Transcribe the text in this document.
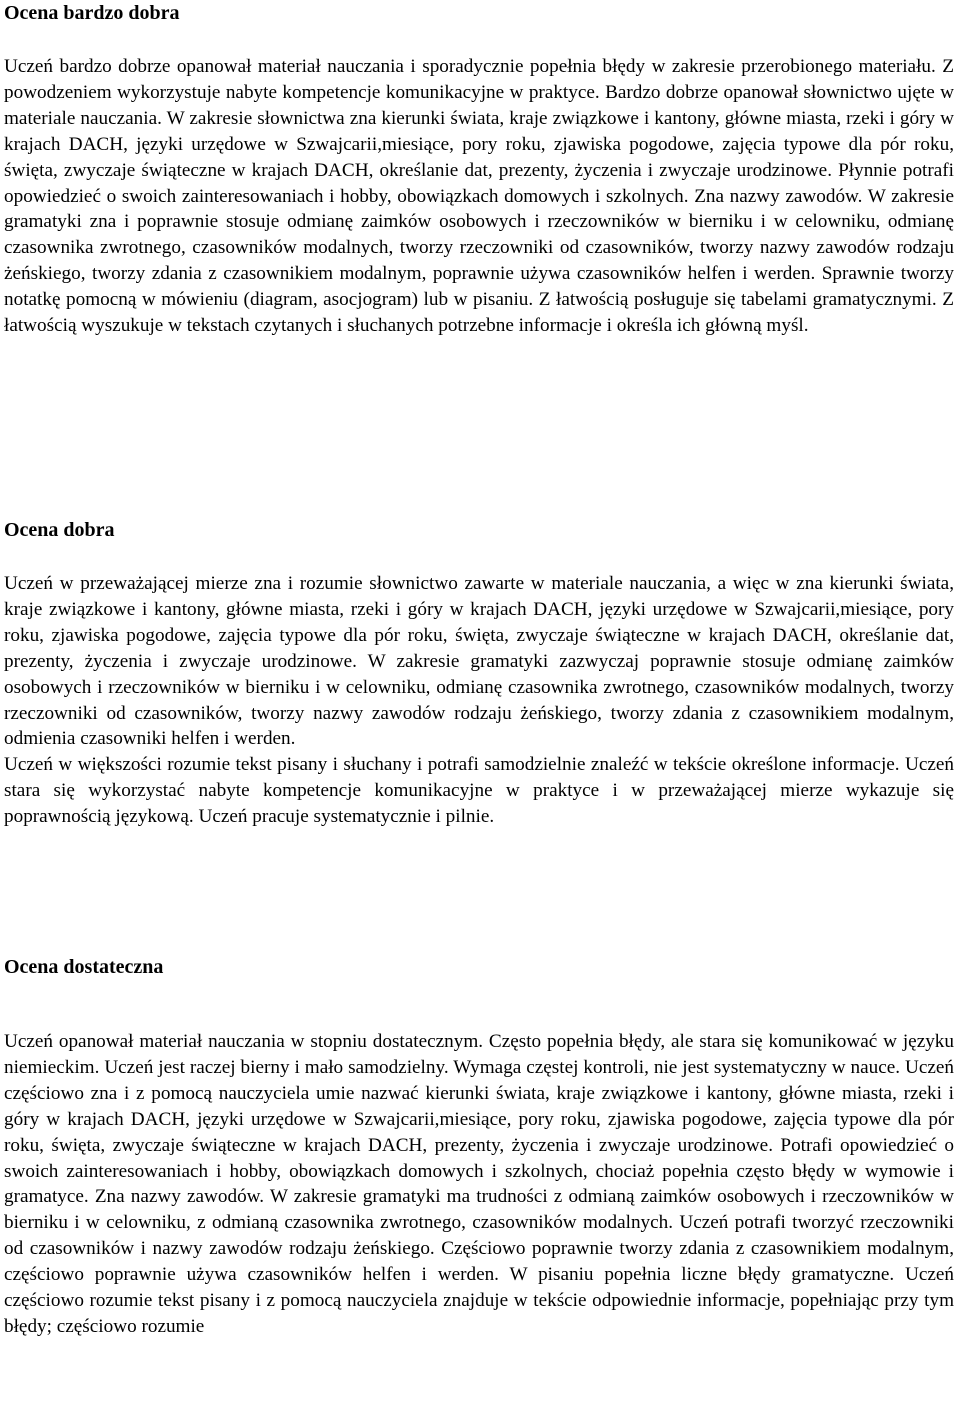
Ocena bardzo dobra

Uczeń bardzo dobrze opanował materiał nauczania i sporadycznie popełnia błędy w zakresie przerobionego materiału. Z powodzeniem wykorzystuje nabyte kompetencje komunikacyjne w praktyce. Bardzo dobrze opanował słownictwo ujęte w materiale nauczania. W zakresie słownictwa zna kierunki świata, kraje związkowe i kantony, główne miasta, rzeki i góry w krajach DACH, języki urzędowe w Szwajcarii,miesiące, pory roku, zjawiska pogodowe, zajęcia typowe dla pór roku, święta, zwyczaje świąteczne w krajach DACH, określanie dat, prezenty, życzenia i zwyczaje urodzinowe. Płynnie potrafi opowiedzieć o swoich zainteresowaniach i hobby, obowiązkach domowych i szkolnych. Zna nazwy zawodów. W zakresie gramatyki zna i poprawnie stosuje odmianę zaimków osobowych i rzeczowników w bierniku i w celowniku, odmianę czasownika zwrotnego, czasowników modalnych, tworzy rzeczowniki od czasowników, tworzy nazwy zawodów rodzaju żeńskiego, tworzy zdania z czasownikiem modalnym, poprawnie używa czasowników helfen i werden. Sprawnie tworzy notatkę pomocną w mówieniu (diagram, asocjogram) lub w pisaniu. Z łatwością posługuje się tabelami gramatycznymi. Z łatwością wyszukuje w tekstach czytanych i słuchanych potrzebne informacje i określa ich główną myśl.

Ocena dobra

Uczeń w przeważającej mierze zna i rozumie słownictwo zawarte w materiale nauczania, a więc w zna kierunki świata, kraje związkowe i kantony, główne miasta, rzeki i góry w krajach DACH, języki urzędowe w Szwajcarii,miesiące, pory roku, zjawiska pogodowe, zajęcia typowe dla pór roku, święta, zwyczaje świąteczne w krajach DACH, określanie dat, prezenty, życzenia i zwyczaje urodzinowe. W zakresie gramatyki zazwyczaj poprawnie stosuje odmianę zaimków osobowych i rzeczowników w bierniku i w celowniku, odmianę czasownika zwrotnego, czasowników modalnych, tworzy rzeczowniki od czasowników, tworzy nazwy zawodów rodzaju żeńskiego, tworzy zdania z czasownikiem modalnym, odmienia czasowniki helfen i werden.

Uczeń w większości rozumie tekst pisany i słuchany i potrafi samodzielnie znaleźć w tekście określone informacje. Uczeń stara się wykorzystać nabyte kompetencje komunikacyjne w praktyce i w przeważającej mierze wykazuje się poprawnością językową. Uczeń pracuje systematycznie i pilnie.

Ocena dostateczna

Uczeń opanował materiał nauczania w stopniu dostatecznym. Często popełnia błędy, ale stara się komunikować w języku niemieckim. Uczeń jest raczej bierny i mało samodzielny. Wymaga częstej kontroli, nie jest systematyczny w nauce. Uczeń częściowo zna i z pomocą nauczyciela umie nazwać kierunki świata, kraje związkowe i kantony, główne miasta, rzeki i góry w krajach DACH, języki urzędowe w Szwajcarii,miesiące, pory roku, zjawiska pogodowe, zajęcia typowe dla pór roku, święta, zwyczaje świąteczne w krajach DACH, prezenty, życzenia i zwyczaje urodzinowe. Potrafi opowiedzieć o swoich zainteresowaniach i hobby, obowiązkach domowych i szkolnych, chociaż popełnia często błędy w wymowie i gramatyce. Zna nazwy zawodów. W zakresie gramatyki ma trudności z odmianą zaimków osobowych i rzeczowników w bierniku i w celowniku, z odmianą czasownika zwrotnego, czasowników modalnych. Uczeń potrafi tworzyć rzeczowniki od czasowników i nazwy zawodów rodzaju żeńskiego. Częściowo poprawnie tworzy zdania z czasownikiem modalnym, częściowo poprawnie używa czasowników helfen i werden. W pisaniu popełnia liczne błędy gramatyczne. Uczeń częściowo rozumie tekst pisany i z pomocą nauczyciela znajduje w tekście odpowiednie informacje, popełniając przy tym błędy; częściowo rozumie
